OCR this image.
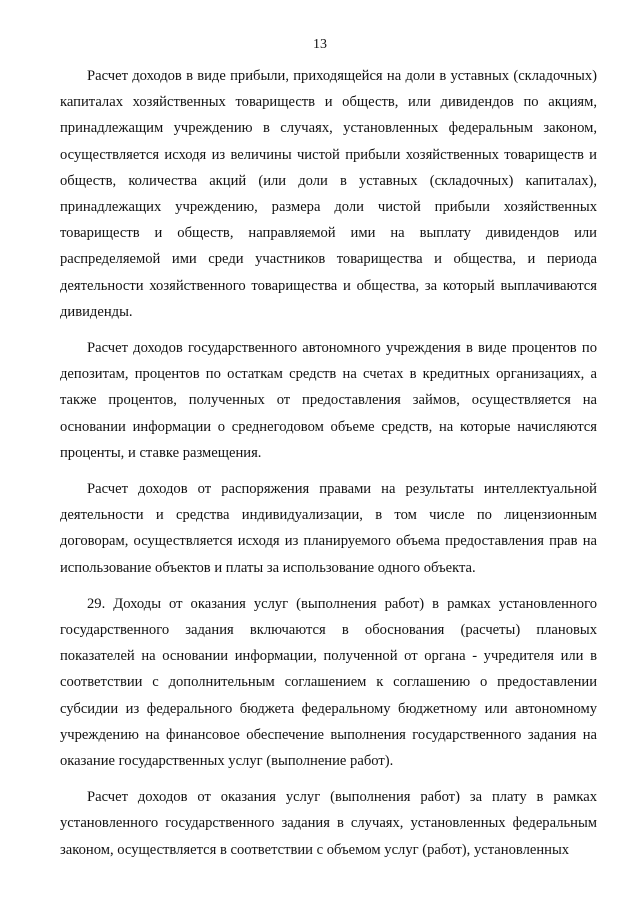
13

Расчет доходов в виде прибыли, приходящейся на доли в уставных (складочных) капиталах хозяйственных товариществ и обществ, или дивидендов по акциям, принадлежащим учреждению в случаях, установленных федеральным законом, осуществляется исходя из величины чистой прибыли хозяйственных товариществ и обществ, количества акций (или доли в уставных (складочных) капиталах), принадлежащих учреждению, размера доли чистой прибыли хозяйственных товариществ и обществ, направляемой ими на выплату дивидендов или распределяемой ими среди участников товарищества и общества, и периода деятельности хозяйственного товарищества и общества, за который выплачиваются дивиденды.

Расчет доходов государственного автономного учреждения в виде процентов по депозитам, процентов по остаткам средств на счетах в кредитных организациях, а также процентов, полученных от предоставления займов, осуществляется на основании информации о среднегодовом объеме средств, на которые начисляются проценты, и ставке размещения.

Расчет доходов от распоряжения правами на результаты интеллектуальной деятельности и средства индивидуализации, в том числе по лицензионным договорам, осуществляется исходя из планируемого объема предоставления прав на использование объектов и платы за использование одного объекта.

29. Доходы от оказания услуг (выполнения работ) в рамках установленного государственного задания включаются в обоснования (расчеты) плановых показателей на основании информации, полученной от органа - учредителя или в соответствии с дополнительным соглашением к соглашению о предоставлении субсидии из федерального бюджета федеральному бюджетному или автономному учреждению на финансовое обеспечение выполнения государственного задания на оказание государственных услуг (выполнение работ).

Расчет доходов от оказания услуг (выполнения работ) за плату в рамках установленного государственного задания в случаях, установленных федеральным законом, осуществляется в соответствии с объемом услуг (работ), установленных
